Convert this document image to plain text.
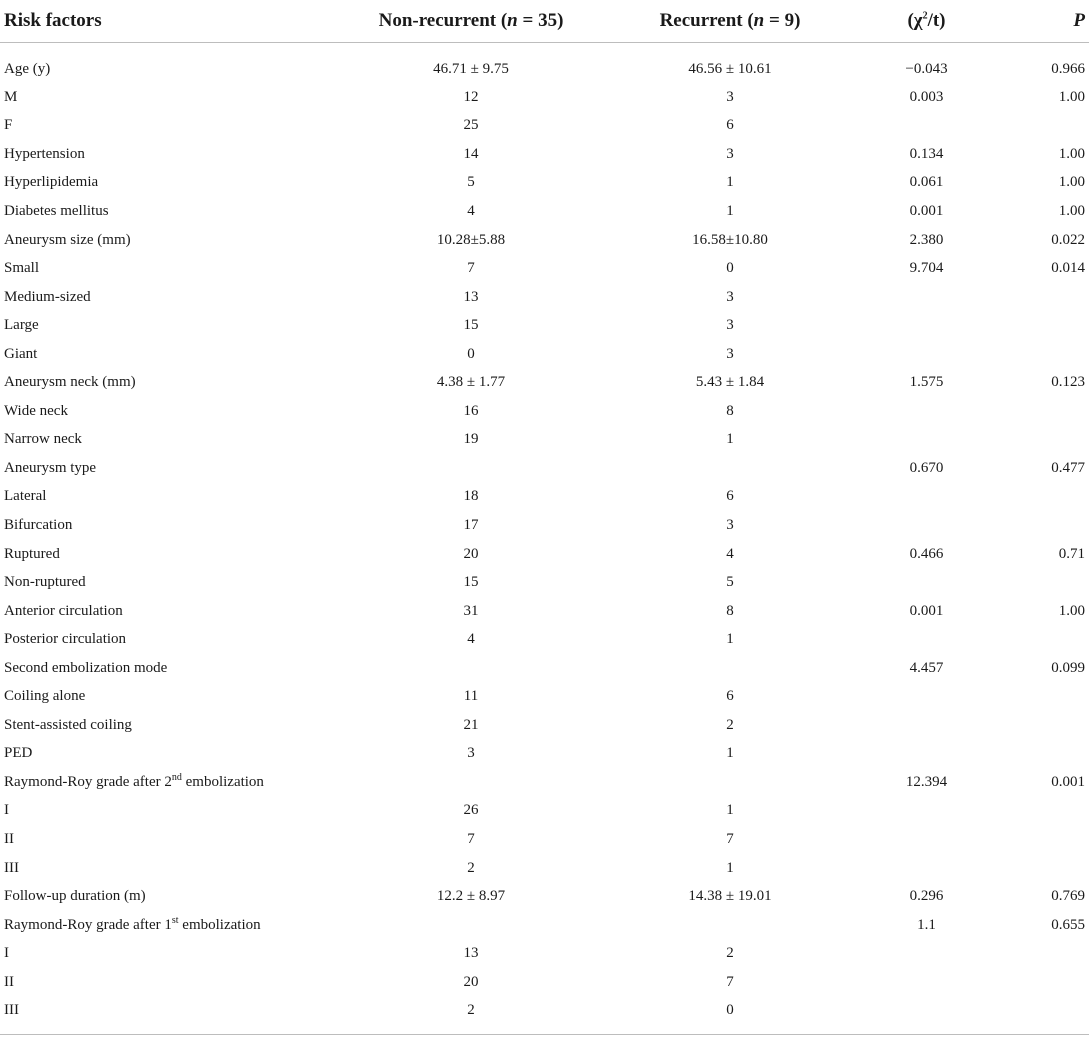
Risk factors	Non-recurrent (n = 35)	Recurrent (n = 9)	$(\chi^2/t)$	P
Age (y)	46.71 ± 9.75	46.56 ± 10.61	−0.043	0.966
M	12	3	0.003	1.00
F	25	6		
Hypertension	14	3	0.134	1.00
Hyperlipidemia	5	1	0.061	1.00
Diabetes mellitus	4	1	0.001	1.00
Aneurysm size (mm)	10.28±5.88	16.58±10.80	2.380	0.022
Small	7	0	9.704	0.014
Medium-sized	13	3		
Large	15	3		
Giant	0	3		
Aneurysm neck (mm)	4.38 ± 1.77	5.43 ± 1.84	1.575	0.123
Wide neck	16	8		
Narrow neck	19	1		
Aneurysm type			0.670	0.477
Lateral	18	6		
Bifurcation	17	3		
Ruptured	20	4	0.466	0.71
Non-ruptured	15	5		
Anterior circulation	31	8	0.001	1.00
Posterior circulation	4	1		
Second embolization mode			4.457	0.099
Coiling alone	11	6		
Stent-assisted coiling	21	2		
PED	3	1		
Raymond-Roy grade after 2nd embolization			12.394	0.001
I	26	1		
II	7	7		
III	2	1		
Follow-up duration (m)	12.2 ± 8.97	14.38 ± 19.01	0.296	0.769
Raymond-Roy grade after 1st embolization			1.1	0.655
I	13	2		
II	20	7		
III	2	0		
